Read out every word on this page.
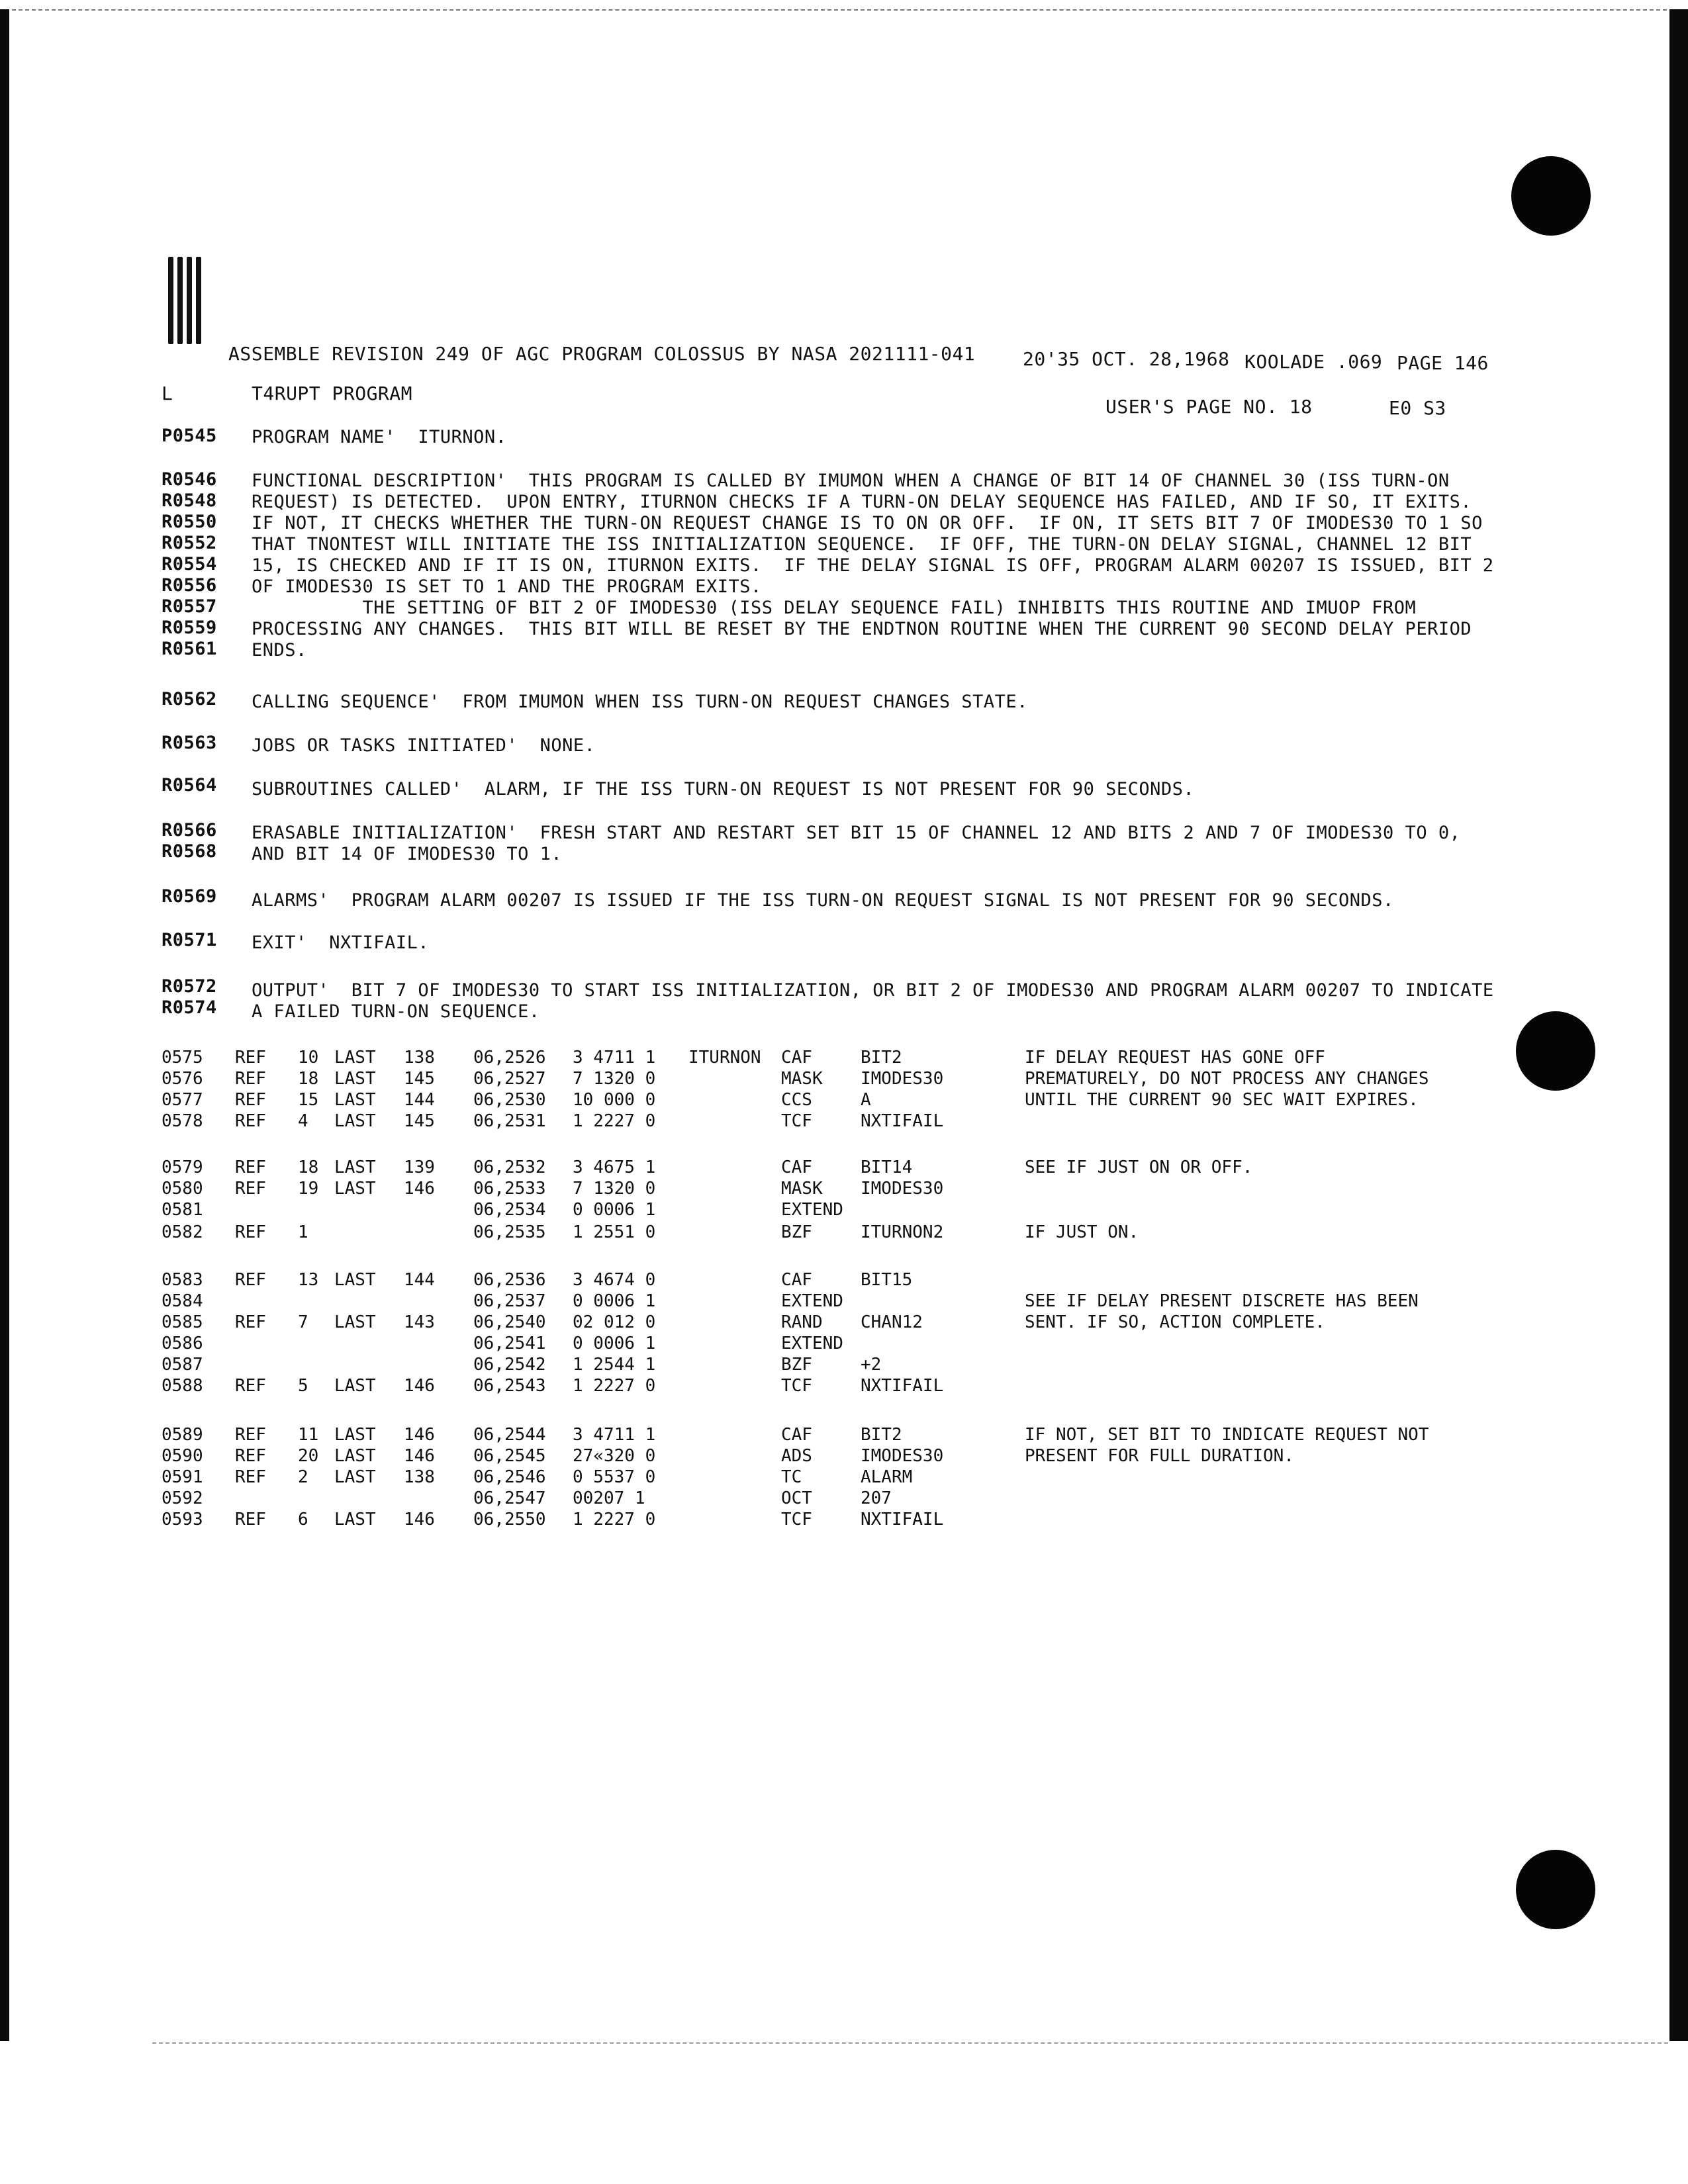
ASSEMBLE REVISION 249 OF AGC PROGRAM COLOSSUS BY NASA 2021111-041	20'35 OCT. 28,1968 KOOLADE .069 PAGE 146
L	T4RUPT PROGRAM
USER'S PAGE NO. 18	E0 S3
P0545 PROGRAM NAME'  ITURNON.
R0546 FUNCTIONAL DESCRIPTION'  THIS PROGRAM IS CALLED BY IMUMON WHEN A CHANGE OF BIT 14 OF CHANNEL 30 (ISS TURN-ON
R0548 REQUEST) IS DETECTED.  UPON ENTRY, ITURNON CHECKS IF A TURN-ON DELAY SEQUENCE HAS FAILED, AND IF SO, IT EXITS.
R0550 IF NOT, IT CHECKS WHETHER THE TURN-ON REQUEST CHANGE IS TO ON OR OFF.  IF ON, IT SETS BIT 7 OF IMODES30 TO 1 SO
R0552 THAT TNONTEST WILL INITIATE THE ISS INITIALIZATION SEQUENCE.  IF OFF, THE TURN-ON DELAY SIGNAL, CHANNEL 12 BIT
R0554 15, IS CHECKED AND IF IT IS ON, ITURNON EXITS.  IF THE DELAY SIGNAL IS OFF, PROGRAM ALARM 00207 IS ISSUED, BIT 2
R0556 OF IMODES30 IS SET TO 1 AND THE PROGRAM EXITS.
R0557 THE SETTING OF BIT 2 OF IMODES30 (ISS DELAY SEQUENCE FAIL) INHIBITS THIS ROUTINE AND IMUOP FROM
R0559 PROCESSING ANY CHANGES.  THIS BIT WILL BE RESET BY THE ENDTNON ROUTINE WHEN THE CURRENT 90 SECOND DELAY PERIOD
R0561 ENDS.
R0562 CALLING SEQUENCE'  FROM IMUMON WHEN ISS TURN-ON REQUEST CHANGES STATE.
R0563 JOBS OR TASKS INITIATED'  NONE.
R0564 SUBROUTINES CALLED'  ALARM, IF THE ISS TURN-ON REQUEST IS NOT PRESENT FOR 90 SECONDS.
R0566 ERASABLE INITIALIZATION'  FRESH START AND RESTART SET BIT 15 OF CHANNEL 12 AND BITS 2 AND 7 OF IMODES30 TO 0,
R0568 AND BIT 14 OF IMODES30 TO 1.
R0569 ALARMS'  PROGRAM ALARM 00207 IS ISSUED IF THE ISS TURN-ON REQUEST SIGNAL IS NOT PRESENT FOR 90 SECONDS.
R0571 EXIT'  NXTIFAIL.
R0572 OUTPUT'  BIT 7 OF IMODES30 TO START ISS INITIALIZATION, OR BIT 2 OF IMODES30 AND PROGRAM ALARM 00207 TO INDICATE
R0574 A FAILED TURN-ON SEQUENCE.
0575 REF 10 LAST 138 06,2526 3 4711 1 ITURNON CAF	BIT2	IF DELAY REQUEST HAS GONE OFF
0576 REF 18 LAST 145 06,2527 7 1320 0	MASK IMODES30	PREMATURELY, DO NOT PROCESS ANY CHANGES
0577 REF 15 LAST 144 06,2530 10 000 0	CCS	A	UNTIL THE CURRENT 90 SEC WAIT EXPIRES.
0578 REF 4 LAST 145 06,2531 1 2227 0	TCF	NXTIFAIL
0579 REF 18 LAST 139 06,2532 3 4675 1	CAF	BIT14	SEE IF JUST ON OR OFF.
0580 REF 19 LAST 146 06,2533 7 1320 0	MASK IMODES30
0581	06,2534 0 0006 1	EXTEND
0582 REF 1	06,2535 1 2551 0	BZF	ITURNON2	IF JUST ON.
0583 REF 13 LAST 144 06,2536 3 4674 0	CAF	BIT15
0584	06,2537 0 0006 1	EXTEND	SEE IF DELAY PRESENT DISCRETE HAS BEEN
0585 REF 7 LAST 143 06,2540 02 012 0	RAND CHAN12	SENT. IF SO, ACTION COMPLETE.
0586	06,2541 0 0006 1	EXTEND
0587	06,2542 1 2544 1	BZF	+2
0588 REF 5 LAST 146 06,2543 1 2227 0	TCF	NXTIFAIL
0589 REF 11 LAST 146 06,2544 3 4711 1	CAF	BIT2	IF NOT, SET BIT TO INDICATE REQUEST NOT
0590 REF 20 LAST 146 06,2545 27«320 0	ADS	IMODES30	PRESENT FOR FULL DURATION.
0591 REF 2 LAST 138 06,2546 0 5537 0	TC	ALARM
0592	06,2547 00207 1	OCT	207
0593 REF 6 LAST 146 06,2550 1 2227 0	TCF	NXTIFAIL
